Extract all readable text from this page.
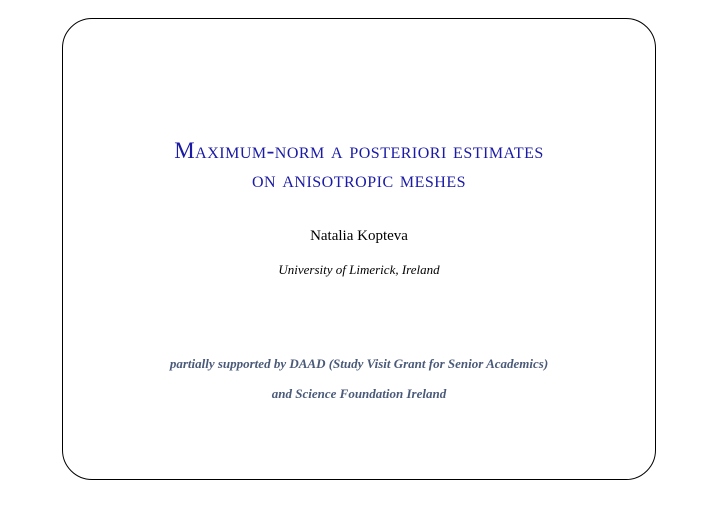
Maximum-norm a posteriori estimates
on anisotropic meshes
Natalia Kopteva
University of Limerick, Ireland
partially supported by DAAD (Study Visit Grant for Senior Academics)
and Science Foundation Ireland
